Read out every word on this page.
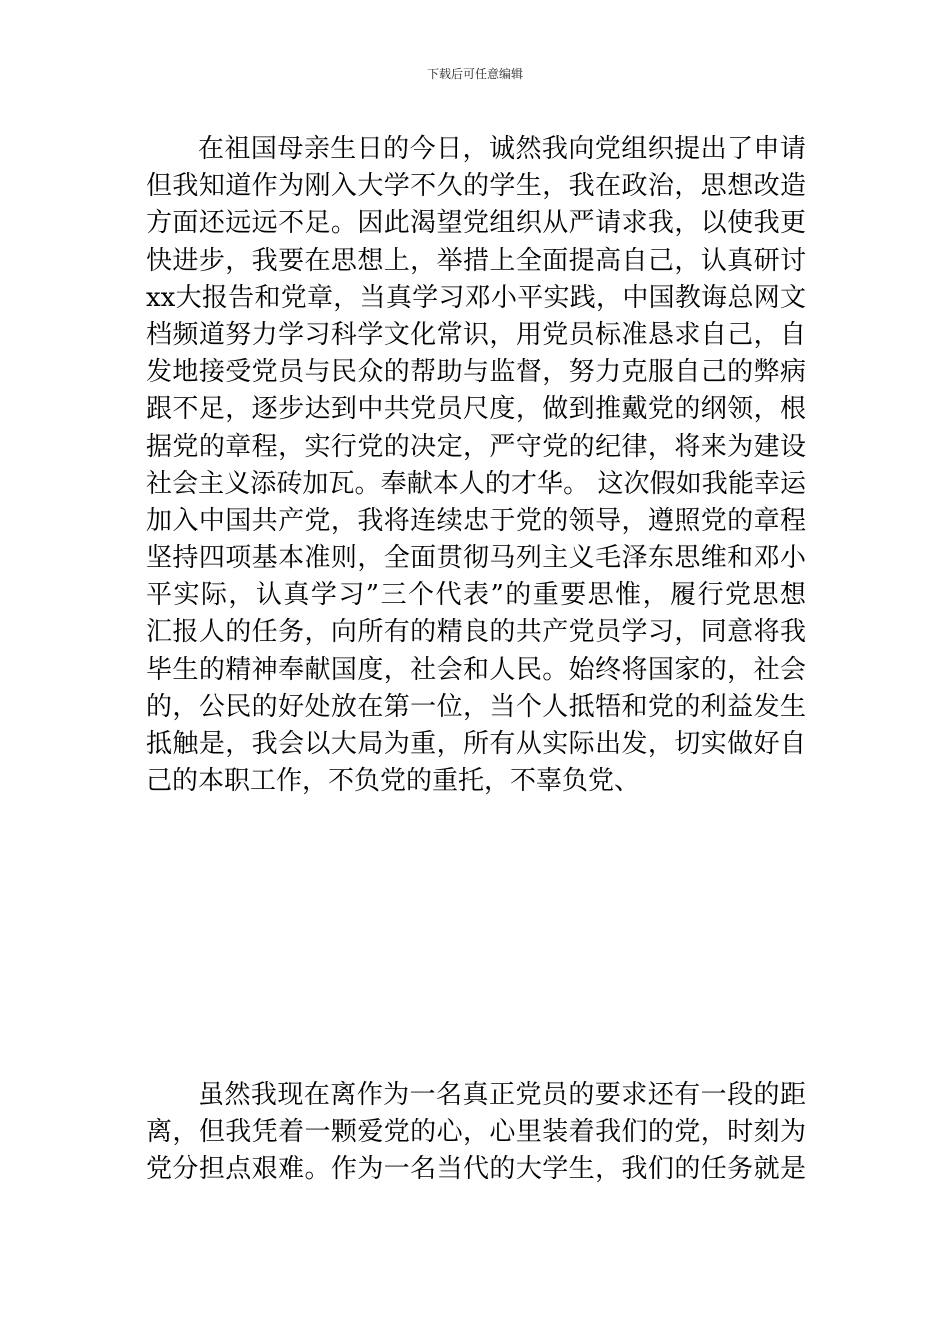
下载后可任意编辑
在祖国母亲生日的今日，诚然我向党组织提出了申请
但我知道作为刚入大学不久的学生，我在政治，思想改造
方面还远远不足。因此渴望党组织从严请求我，以使我更
快进步，我要在思想上，举措上全面提高自己，认真研讨
xx大报告和党章，当真学习邓小平实践，中国教诲总网文
档频道努力学习科学文化常识，用党员标准恳求自己，自
发地接受党员与民众的帮助与监督，努力克服自己的弊病
跟不足，逐步达到中共党员尺度，做到推戴党的纲领，根
据党的章程，实行党的决定，严守党的纪律，将来为建设
社会主义添砖加瓦。奉献本人的才华。 这次假如我能幸运
加入中国共产党，我将连续忠于党的领导，遵照党的章程
坚持四项基本准则，全面贯彻马列主义毛泽东思维和邓小
平实际，认真学习”三个代表”的重要思惟，履行党思想
汇报人的任务，向所有的精良的共产党员学习，同意将我
毕生的精神奉献国度，社会和人民。始终将国家的，社会
的，公民的好处放在第一位，当个人抵牾和党的利益发生
抵触是，我会以大局为重，所有从实际出发，切实做好自
己的本职工作，不负党的重托，不辜负党、
虽然我现在离作为一名真正党员的要求还有一段的距
离，但我凭着一颗爱党的心，心里装着我们的党，时刻为
党分担点艰难。作为一名当代的大学生，我们的任务就是
